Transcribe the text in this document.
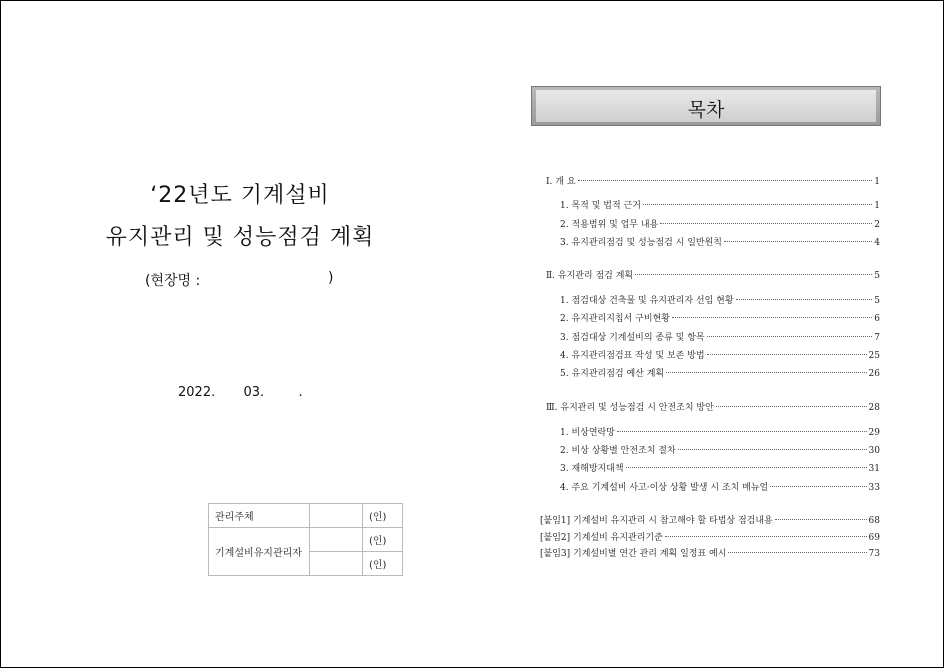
‘22년도 기계설비
유지관리 및 성능점검 계획
(현장명 :	)
2022. 03.	.
관리주체		(인)
기계설비유지관리자		(인)
		(인)
목차
Ⅰ. 개 요	1
1. 목적 및 법적 근거	1
2. 적용범위 및 업무 내용	2
3. 유지관리점검 및 성능점검 시 일반원칙	4
Ⅱ. 유지관리 점검 계획	5
1. 점검대상 건축물 및 유지관리자 선임 현황	5
2. 유지관리지침서 구비현황	6
3. 점검대상 기계설비의 종류 및 항목	7
4. 유지관리점검표 작성 및 보존 방법	25
5. 유지관리점검 예산 계획	26
Ⅲ. 유지관리 및 성능점검 시 안전조치 방안	28
1. 비상연락망	29
2. 비상 상황별 안전조치 절차	30
3. 재해방지대책	31
4. 주요 기계설비 사고·이상 상황 발생 시 조치 매뉴얼	33
[붙임1] 기계설비 유지관리 시 참고해야 할 타법상 점검내용	68
[붙임2] 기계설비 유지관리기준	69
[붙임3] 기계설비별 연간 관리 계획 일정표 예시	73
